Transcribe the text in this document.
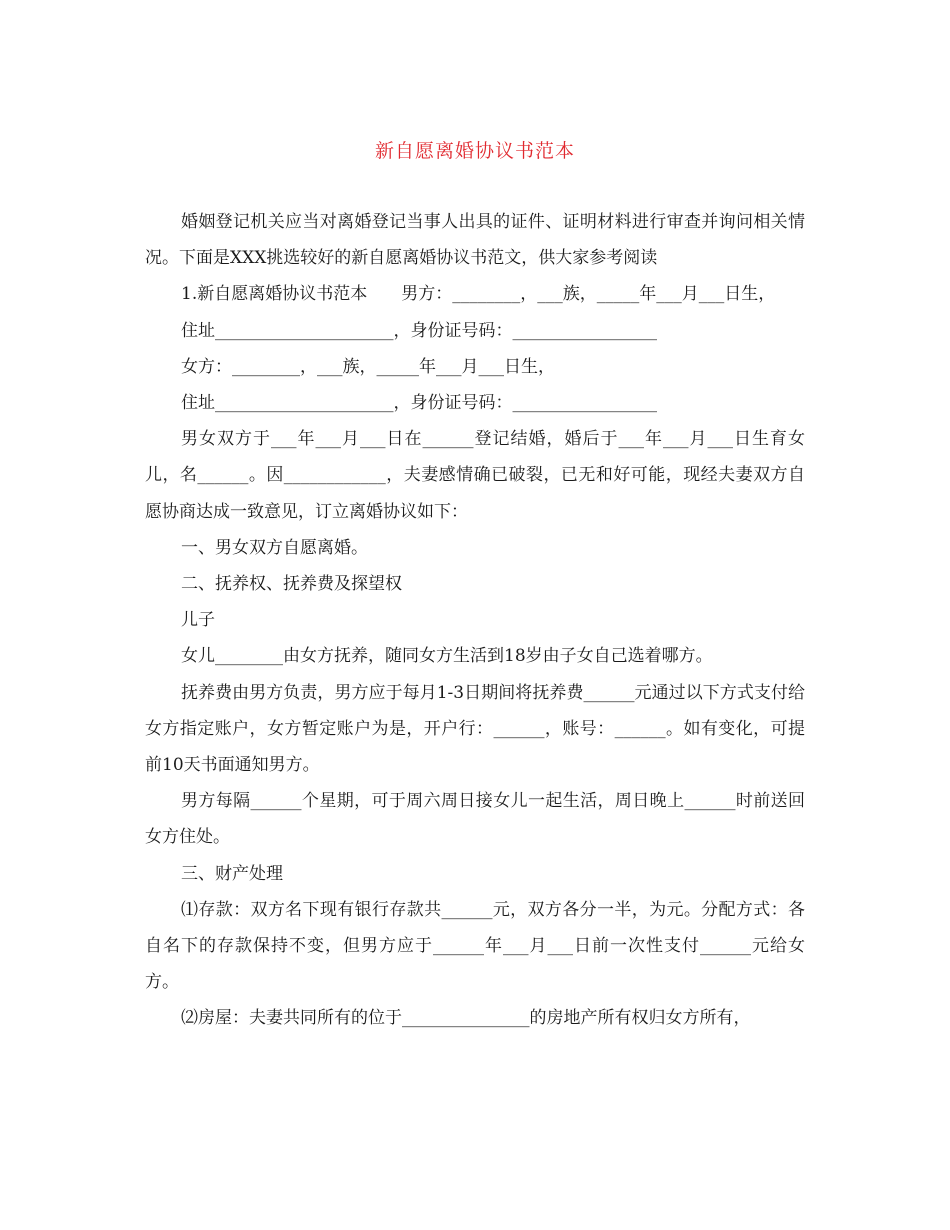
新自愿离婚协议书范本

婚姻登记机关应当对离婚登记当事人出具的证件、证明材料进行审查并询问相关情况。下面是XXX挑选较好的新自愿离婚协议书范文，供大家参考阅读

1.新自愿离婚协议书范本　　男方：________，___族，_____年___月___日生，

住址_____________________，身份证号码：_________________

女方：________，___族，_____年___月___日生，

住址_____________________，身份证号码：_________________

男女双方于___年___月___日在______登记结婚，婚后于___年___月___日生育女儿，名______。因____________，夫妻感情确已破裂，已无和好可能，现经夫妻双方自愿协商达成一致意见，订立离婚协议如下：

一、男女双方自愿离婚。

二、抚养权、抚养费及探望权

儿子

女儿________由女方抚养，随同女方生活到18岁由子女自己选着哪方。

抚养费由男方负责，男方应于每月1-3日期间将抚养费______元通过以下方式支付给女方指定账户，女方暂定账户为是，开户行：______，账号：______。如有变化，可提前10天书面通知男方。

男方每隔______个星期，可于周六周日接女儿一起生活，周日晚上______时前送回女方住处。

三、财产处理

⑴存款：双方名下现有银行存款共______元，双方各分一半，为元。分配方式：各自名下的存款保持不变，但男方应于______年___月___日前一次性支付______元给女方。

⑵房屋：夫妻共同所有的位于_______________的房地产所有权归女方所有，
